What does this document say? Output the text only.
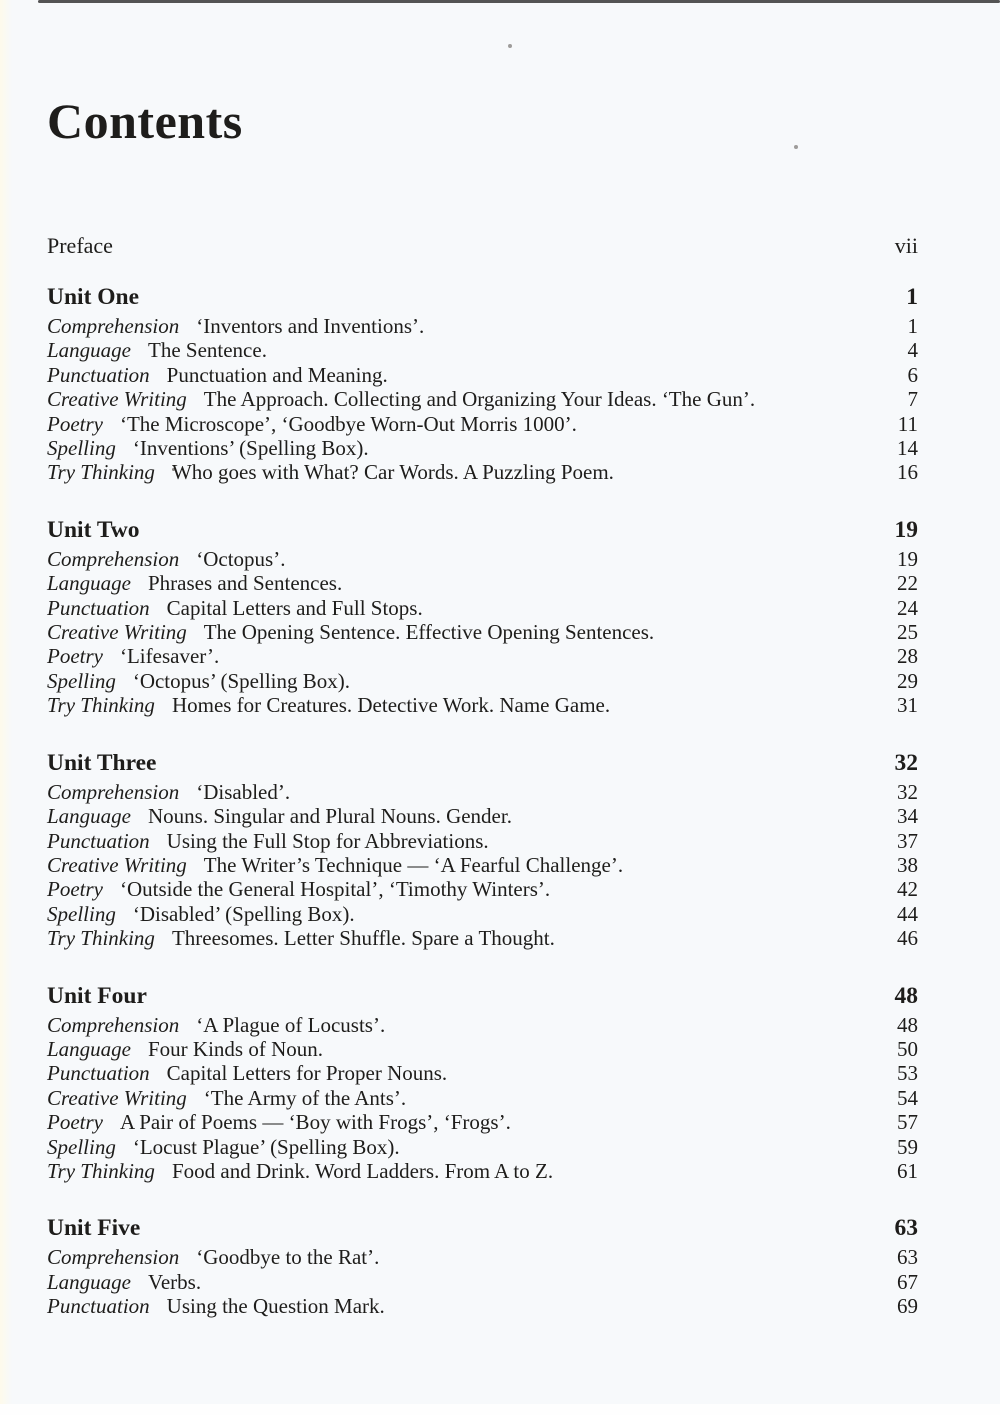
Contents
Preface	vii
Unit One	1
Comprehension ‘Inventors and Inventions’.	1
Language The Sentence.	4
Punctuation Punctuation and Meaning.	6
Creative Writing The Approach. Collecting and Organizing Your Ideas. ‘The Gun’.	7
Poetry ‘The Microscope’, ‘Goodbye Worn-Out Morris 1000’.	11
Spelling ‘Inventions’ (Spelling Box).	14
Try Thinking Who goes with What? Car Words. A Puzzling Poem.	16
Unit Two	19
Comprehension ‘Octopus’.	19
Language Phrases and Sentences.	22
Punctuation Capital Letters and Full Stops.	24
Creative Writing The Opening Sentence. Effective Opening Sentences.	25
Poetry ‘Lifesaver’.	28
Spelling ‘Octopus’ (Spelling Box).	29
Try Thinking Homes for Creatures. Detective Work. Name Game.	31
Unit Three	32
Comprehension ‘Disabled’.	32
Language Nouns. Singular and Plural Nouns. Gender.	34
Punctuation Using the Full Stop for Abbreviations.	37
Creative Writing The Writer’s Technique — ‘A Fearful Challenge’.	38
Poetry ‘Outside the General Hospital’, ‘Timothy Winters’.	42
Spelling ‘Disabled’ (Spelling Box).	44
Try Thinking Threesomes. Letter Shuffle. Spare a Thought.	46
Unit Four	48
Comprehension ‘A Plague of Locusts’.	48
Language Four Kinds of Noun.	50
Punctuation Capital Letters for Proper Nouns.	53
Creative Writing ‘The Army of the Ants’.	54
Poetry A Pair of Poems — ‘Boy with Frogs’, ‘Frogs’.	57
Spelling ‘Locust Plague’ (Spelling Box).	59
Try Thinking Food and Drink. Word Ladders. From A to Z.	61
Unit Five	63
Comprehension ‘Goodbye to the Rat’.	63
Language Verbs.	67
Punctuation Using the Question Mark.	69
